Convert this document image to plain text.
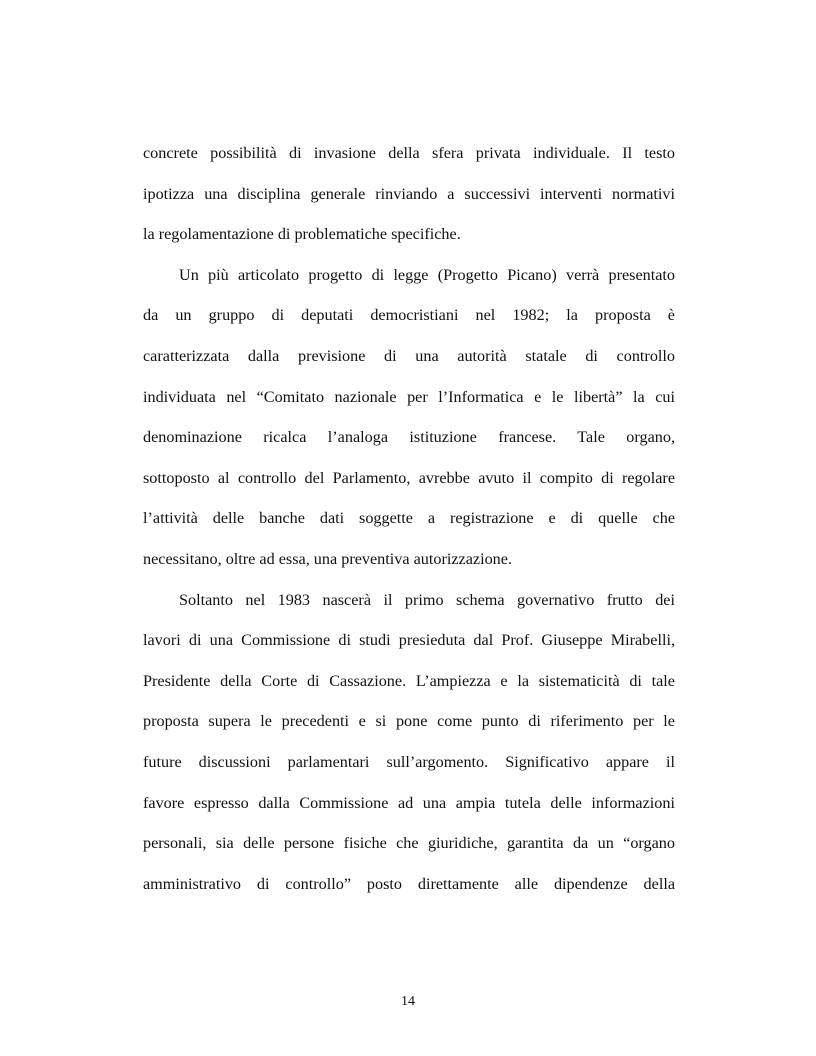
concrete possibilità di invasione della sfera privata individuale. Il testo
ipotizza una disciplina generale rinviando a successivi interventi normativi
la regolamentazione di problematiche specifiche.
Un più articolato progetto di legge (Progetto Picano) verrà presentato
da un gruppo di deputati democristiani nel 1982; la proposta è
caratterizzata dalla previsione di una autorità statale di controllo
individuata nel “Comitato nazionale per l’Informatica e le libertà” la cui
denominazione ricalca l’analoga istituzione francese. Tale organo,
sottoposto al controllo del Parlamento, avrebbe avuto il compito di regolare
l’attività delle banche dati soggette a registrazione e di quelle che
necessitano, oltre ad essa, una preventiva autorizzazione.
Soltanto nel 1983 nascerà il primo schema governativo frutto dei
lavori di una Commissione di studi presieduta dal Prof. Giuseppe Mirabelli,
Presidente della Corte di Cassazione. L’ampiezza e la sistematicità di tale
proposta supera le precedenti e si pone come punto di riferimento per le
future discussioni parlamentari sull’argomento. Significativo appare il
favore espresso dalla Commissione ad una ampia tutela delle informazioni
personali, sia delle persone fisiche che giuridiche, garantita da un “organo
amministrativo di controllo” posto direttamente alle dipendenze della
14
